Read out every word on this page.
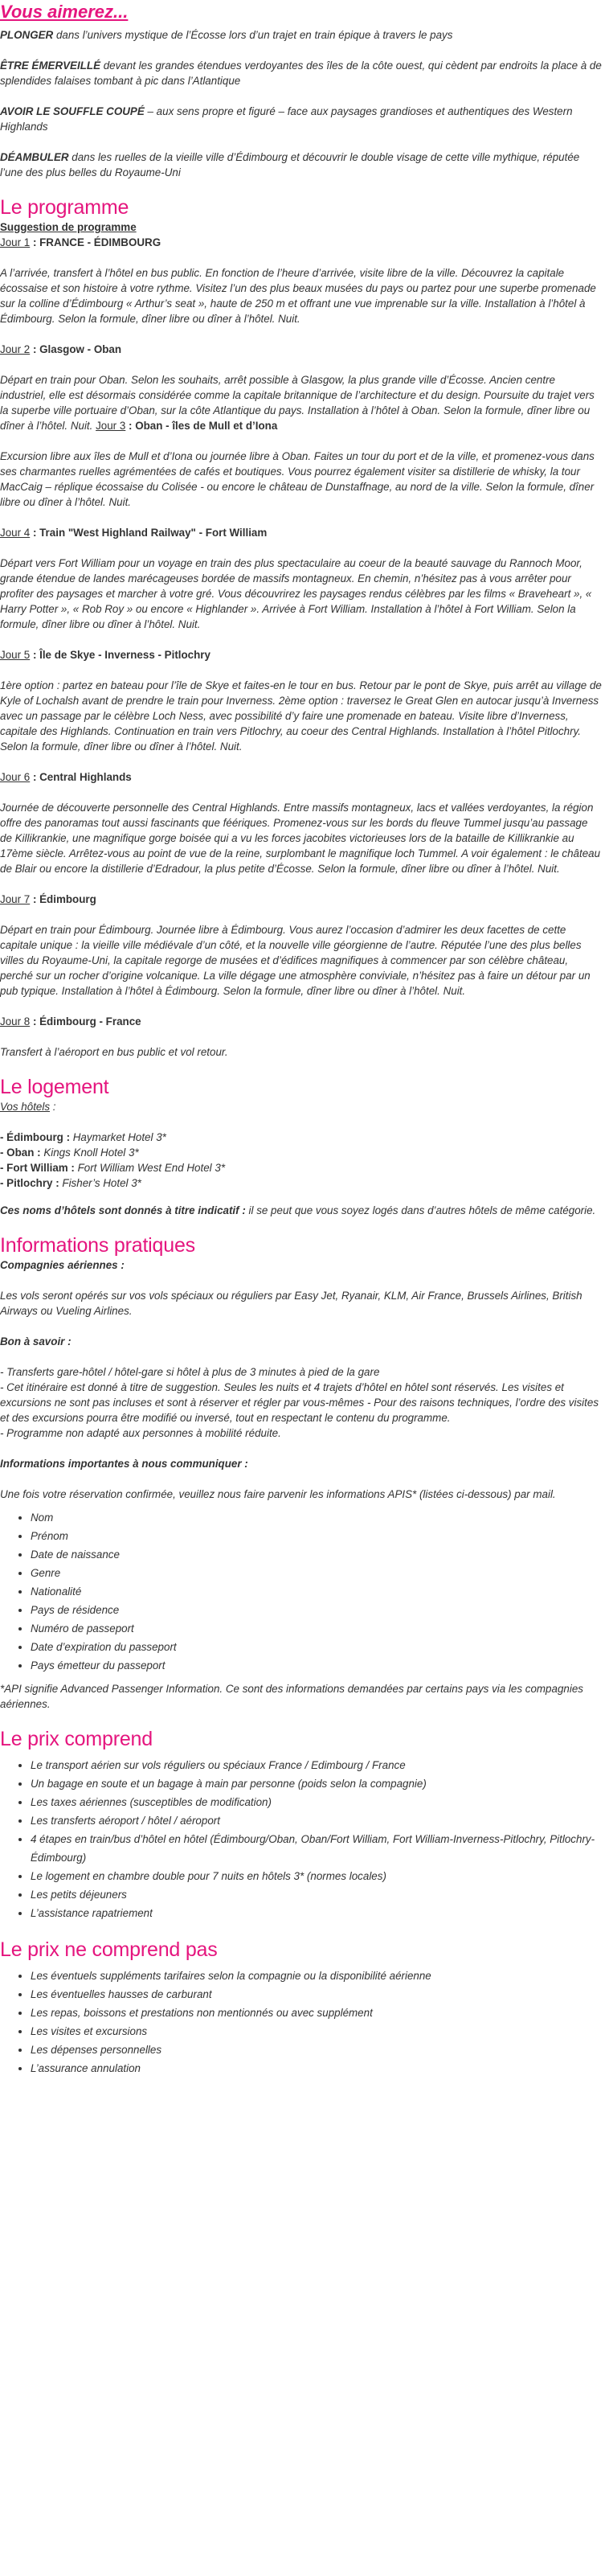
Vous aimerez...

PLONGER dans l’univers mystique de l’Écosse lors d’un trajet en train épique à travers le pays

ÊTRE ÉMERVEILLÉ devant les grandes étendues verdoyantes des îles de la côte ouest, qui cèdent par endroits la place à de splendides falaises tombant à pic dans l’Atlantique

AVOIR LE SOUFFLE COUPÉ – aux sens propre et figuré – face aux paysages grandioses et authentiques des Western Highlands

DÉAMBULER dans les ruelles de la vieille ville d’Édimbourg et découvrir le double visage de cette ville mythique, réputée l’une des plus belles du Royaume-Uni

Le programme

Suggestion de programme

Jour 1 : FRANCE - ÉDIMBOURG

A l’arrivée, transfert à l’hôtel en bus public. En fonction de l’heure d’arrivée, visite libre de la ville. Découvrez la capitale écossaise et son histoire à votre rythme. Visitez l’un des plus beaux musées du pays ou partez pour une superbe promenade sur la colline d’Édimbourg « Arthur’s seat », haute de 250 m et offrant une vue imprenable sur la ville. Installation à l’hôtel à Édimbourg. Selon la formule, dîner libre ou dîner à l’hôtel. Nuit.

Jour 2 : Glasgow - Oban

Départ en train pour Oban. Selon les souhaits, arrêt possible à Glasgow, la plus grande ville d’Écosse. Ancien centre industriel, elle est désormais considérée comme la capitale britannique de l’architecture et du design. Poursuite du trajet vers la superbe ville portuaire d’Oban, sur la côte Atlantique du pays. Installation à l’hôtel à Oban. Selon la formule, dîner libre ou dîner à l’hôtel. Nuit. Jour 3 : Oban - îles de Mull et d’Iona

Excursion libre aux îles de Mull et d’Iona ou journée libre à Oban. Faites un tour du port et de la ville, et promenez-vous dans ses charmantes ruelles agrémentées de cafés et boutiques. Vous pourrez également visiter sa distillerie de whisky, la tour MacCaig – réplique écossaise du Colisée - ou encore le château de Dunstaffnage, au nord de la ville. Selon la formule, dîner libre ou dîner à l’hôtel. Nuit.

Jour 4 : Train "West Highland Railway" - Fort William

Départ vers Fort William pour un voyage en train des plus spectaculaire au coeur de la beauté sauvage du Rannoch Moor, grande étendue de landes marécageuses bordée de massifs montagneux. En chemin, n’hésitez pas à vous arrêter pour profiter des paysages et marcher à votre gré. Vous découvrirez les paysages rendus célèbres par les films « Braveheart », « Harry Potter », « Rob Roy » ou encore « Highlander ». Arrivée à Fort William. Installation à l’hôtel à Fort William. Selon la formule, dîner libre ou dîner à l’hôtel. Nuit.

Jour 5 : Île de Skye - Inverness - Pitlochry

1ère option : partez en bateau pour l’île de Skye et faites-en le tour en bus. Retour par le pont de Skye, puis arrêt au village de Kyle of Lochalsh avant de prendre le train pour Inverness. 2ème option : traversez le Great Glen en autocar jusqu’à Inverness avec un passage par le célèbre Loch Ness, avec possibilité d’y faire une promenade en bateau. Visite libre d’Inverness, capitale des Highlands. Continuation en train vers Pitlochry, au coeur des Central Highlands. Installation à l’hôtel Pitlochry. Selon la formule, dîner libre ou dîner à l’hôtel. Nuit.

Jour 6 : Central Highlands

Journée de découverte personnelle des Central Highlands. Entre massifs montagneux, lacs et vallées verdoyantes, la région offre des panoramas tout aussi fascinants que féériques. Promenez-vous sur les bords du fleuve Tummel jusqu’au passage de Killikrankie, une magnifique gorge boisée qui a vu les forces jacobites victorieuses lors de la bataille de Killikrankie au 17ème siècle. Arrêtez-vous au point de vue de la reine, surplombant le magnifique loch Tummel. A voir également : le château de Blair ou encore la distillerie d’Edradour, la plus petite d’Écosse. Selon la formule, dîner libre ou dîner à l’hôtel. Nuit.

Jour 7 : Édimbourg

Départ en train pour Édimbourg. Journée libre à Édimbourg. Vous aurez l’occasion d’admirer les deux facettes de cette capitale unique : la vieille ville médiévale d’un côté, et la nouvelle ville géorgienne de l’autre. Réputée l’une des plus belles villes du Royaume-Uni, la capitale regorge de musées et d’édifices magnifiques à commencer par son célèbre château, perché sur un rocher d’origine volcanique. La ville dégage une atmosphère conviviale, n’hésitez pas à faire un détour par un pub typique. Installation à l’hôtel à Édimbourg. Selon la formule, dîner libre ou dîner à l’hôtel. Nuit.

Jour 8 : Édimbourg - France

Transfert à l’aéroport en bus public et vol retour.

Le logement

Vos hôtels :

- Édimbourg : Haymarket Hotel 3*

- Oban : Kings Knoll Hotel 3*

- Fort William : Fort William West End Hotel 3*

- Pitlochry : Fisher’s Hotel 3*

Ces noms d’hôtels sont donnés à titre indicatif : il se peut que vous soyez logés dans d’autres hôtels de même catégorie.

Informations pratiques

Compagnies aériennes :

Les vols seront opérés sur vos vols spéciaux ou réguliers par Easy Jet, Ryanair, KLM, Air France, Brussels Airlines, British Airways ou Vueling Airlines.

Bon à savoir :

- Transferts gare-hôtel / hôtel-gare si hôtel à plus de 3 minutes à pied de la gare

- Cet itinéraire est donné à titre de suggestion. Seules les nuits et 4 trajets d’hôtel en hôtel sont réservés. Les visites et excursions ne sont pas incluses et sont à réserver et régler par vous-mêmes - Pour des raisons techniques, l’ordre des visites et des excursions pourra être modifié ou inversé, tout en respectant le contenu du programme.

- Programme non adapté aux personnes à mobilité réduite.

Informations importantes à nous communiquer :

Une fois votre réservation confirmée, veuillez nous faire parvenir les informations APIS* (listées ci-dessous) par mail.

• Nom
• Prénom
• Date de naissance
• Genre
• Nationalité
• Pays de résidence
• Numéro de passeport
• Date d’expiration du passeport
• Pays émetteur du passeport

*API signifie Advanced Passenger Information. Ce sont des informations demandées par certains pays via les compagnies aériennes.

Le prix comprend
• Le transport aérien sur vols réguliers ou spéciaux France / Edimbourg / France
• Un bagage en soute et un bagage à main par personne (poids selon la compagnie)
• Les taxes aériennes (susceptibles de modification)
• Les transferts aéroport / hôtel / aéroport
• 4 étapes en train/bus d’hôtel en hôtel (Édimbourg/Oban, Oban/Fort William, Fort William-Inverness-Pitlochry, Pitlochry-Édimbourg)
• Le logement en chambre double pour 7 nuits en hôtels 3* (normes locales)
• Les petits déjeuners
• L’assistance rapatriement
Le prix ne comprend pas
• Les éventuels suppléments tarifaires selon la compagnie ou la disponibilité aérienne
• Les éventuelles hausses de carburant
• Les repas, boissons et prestations non mentionnés ou avec supplément
• Les visites et excursions
• Les dépenses personnelles
• L’assurance annulation
